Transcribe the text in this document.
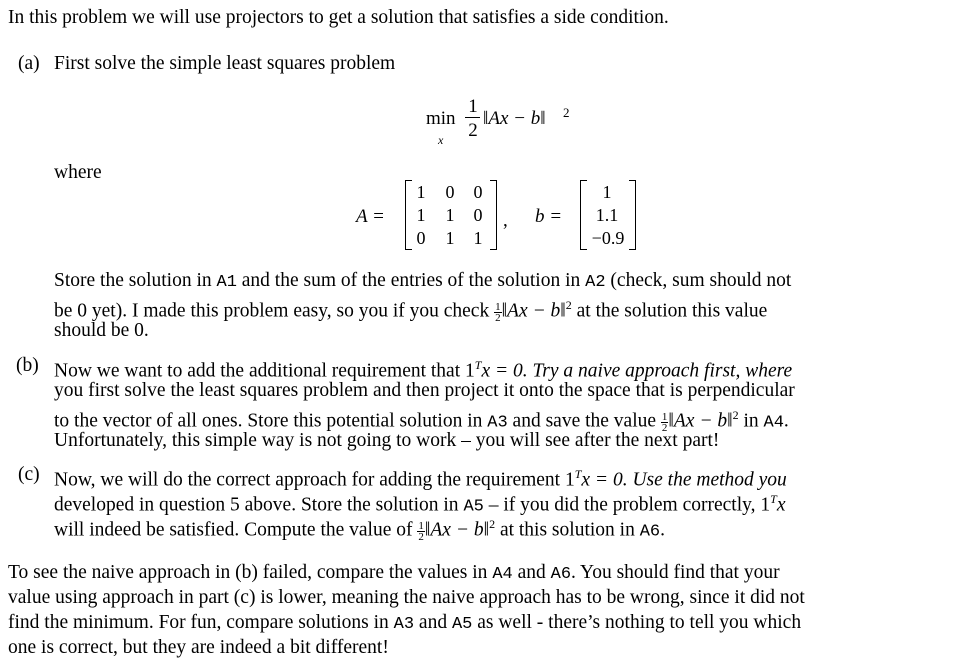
In this problem we will use projectors to get a solution that satisfies a side condition.
(a) First solve the simple least squares problem
min
x
1
2
‖Ax − b‖ 2
where
A =
1	0	0
1	1	0
0	1	1
, b =
1
1.1
−0.9
Store the solution in A1 and the sum of the entries of the solution in A2 (check, sum should not
be 0 yet). I made this problem easy, so you if you check $\frac{1}{2}$ ‖Ax − b‖$^2$ at the solution this value
should be 0.
(b) Now we want to add the additional requirement that $1^Tx = 0$. Try a naive approach first, where
you first solve the least squares problem and then project it onto the space that is perpendicular
to the vector of all ones. Store this potential solution in A3 and save the value $\frac{1}{2}$ ‖Ax − b‖$^2$ in A4.
Unfortunately, this simple way is not going to work – you will see after the next part!
(c) Now, we will do the correct approach for adding the requirement $1^Tx = 0$. Use the method you
developed in question 5 above. Store the solution in A5 – if you did the problem correctly, $1^Tx$
will indeed be satisfied. Compute the value of $\frac{1}{2}$ ‖Ax − b‖$^2$ at this solution in A6.
To see the naive approach in (b) failed, compare the values in A4 and A6. You should find that your
value using approach in part (c) is lower, meaning the naive approach has to be wrong, since it did not
find the minimum. For fun, compare solutions in A3 and A5 as well - there’s nothing to tell you which
one is correct, but they are indeed a bit different!
